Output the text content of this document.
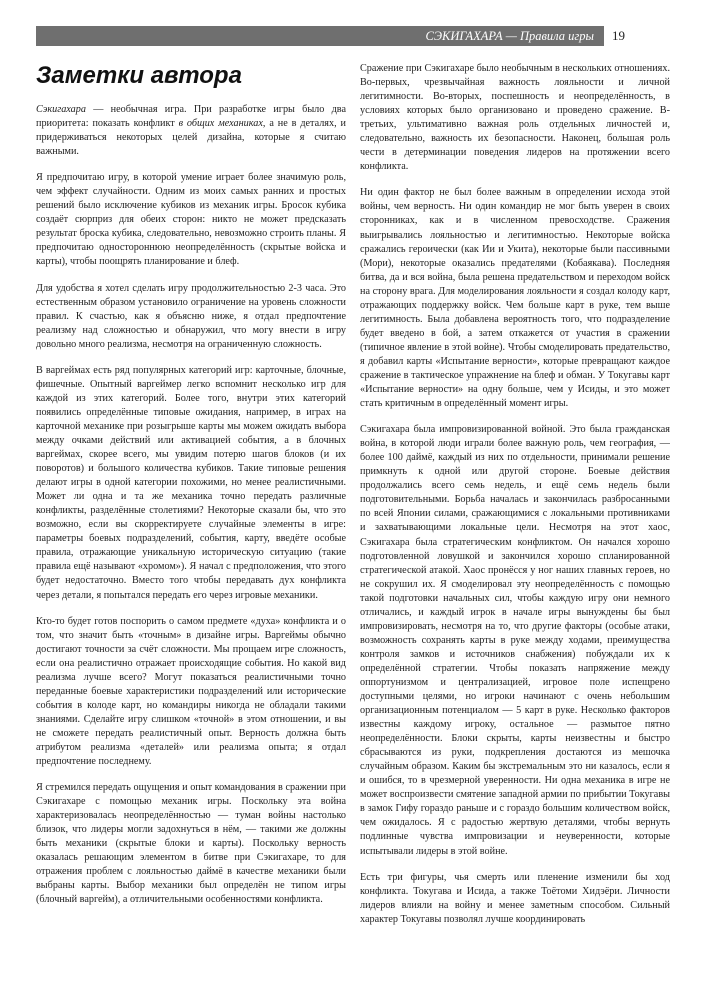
СЭКИГАХАРА — Правила игры	19
Заметки автора

Сэкигахара — необычная игра. При разработке игры было два приоритета: показать конфликт в общих механиках, а не в деталях, и придерживаться некоторых целей дизайна, которые я считаю важными.

Я предпочитаю игру, в которой умение играет более значимую роль, чем эффект случайности. Одним из моих самых ранних и простых решений было исключение кубиков из механик игры. Бросок кубика создаёт сюрприз для обеих сторон: никто не может предсказать результат броска кубика, следовательно, невозможно строить планы. Я предпочитаю одностороннюю неопределённость (скрытые войска и карты), чтобы поощрять планирование и блеф.

Для удобства я хотел сделать игру продолжительностью 2-3 часа. Это естественным образом установило ограничение на уровень сложности правил. К счастью, как я объясню ниже, я отдал предпочтение реализму над сложностью и обнаружил, что могу внести в игру довольно много реализма, несмотря на ограниченную сложность.

В варгеймах есть ряд популярных категорий игр: карточные, блочные, фишечные. Опытный варгеймер легко вспомнит несколько игр для каждой из этих категорий. Более того, внутри этих категорий появились определённые типовые ожидания, например, в играх на карточной механике при розыгрыше карты мы можем ожидать выбора между очками действий или активацией события, а в блочных варгеймах, скорее всего, мы увидим потерю шагов блоков (и их поворотов) и большого количества кубиков. Такие типовые решения делают игры в одной категории похожими, но менее реалистичными. Может ли одна и та же механика точно передать различные конфликты, разделённые столетиями? Некоторые сказали бы, что это возможно, если вы скорректируете случайные элементы в игре: параметры боевых подразделений, события, карту, введёте особые правила, отражающие уникальную историческую ситуацию (такие правила ещё называют «хромом»). Я начал с предположения, что этого будет недостаточно. Вместо того чтобы передавать дух конфликта через детали, я попытался передать его через игровые механики.

Кто-то будет готов поспорить о самом предмете «духа» конфликта и о том, что значит быть «точным» в дизайне игры. Варгеймы обычно достигают точности за счёт сложности. Мы прощаем игре сложность, если она реалистично отражает происходящие события. Но какой вид реализма лучше всего? Могут показаться реалистичными точно переданные боевые характеристики подразделений или исторические события в колоде карт, но командиры никогда не обладали такими знаниями. Сделайте игру слишком «точной» в этом отношении, и вы не сможете передать реалистичный опыт. Верность должна быть атрибутом реализма «деталей» или реализма опыта; я отдал предпочтение последнему.

Я стремился передать ощущения и опыт командования в сражении при Сэкигахаре с помощью механик игры. Поскольку эта война характеризовалась неопределённостью — туман войны настолько близок, что лидеры могли задохнуться в нём, — такими же должны быть механики (скрытые блоки и карты). Поскольку верность оказалась решающим элементом в битве при Сэкигахаре, то для отражения проблем с лояльностью даймё в качестве механики были выбраны карты. Выбор механики был определён не типом игры (блочный варгейм), а отличительными особенностями конфликта.

Сражение при Сэкигахаре было необычным в нескольких отношениях. Во-первых, чрезвычайная важность лояльности и личной легитимности. Во-вторых, поспешность и неопределённость, в условиях которых было организовано и проведено сражение. В-третьих, ультимативно важная роль отдельных личностей и, следовательно, важность их безопасности. Наконец, большая роль чести в детерминации поведения лидеров на протяжении всего конфликта.

Ни один фактор не был более важным в определении исхода этой войны, чем верность. Ни один командир не мог быть уверен в своих сторонниках, как и в численном превосходстве. Сражения выигрывались лояльностью и легитимностью. Некоторые войска сражались героически (как Ии и Укита), некоторые были пассивными (Мори), некоторые оказались предателями (Кобаякава). Последняя битва, да и вся война, была решена предательством и переходом войск на сторону врага. Для моделирования лояльности я создал колоду карт, отражающих поддержку войск. Чем больше карт в руке, тем выше легитимность. Была добавлена вероятность того, что подразделение будет введено в бой, а затем откажется от участия в сражении (типичное явление в этой войне). Чтобы смоделировать предательство, я добавил карты «Испытание верности», которые превращают каждое сражение в тактическое упражнение на блеф и обман. У Токугавы карт «Испытание верности» на одну больше, чем у Исиды, и это может стать критичным в определённый момент игры.

Сэкигахара была импровизированной войной. Это была гражданская война, в которой люди играли более важную роль, чем география, — более 100 даймё, каждый из них по отдельности, принимали решение примкнуть к одной или другой стороне. Боевые действия продолжались всего семь недель, и ещё семь недель были подготовительными. Борьба началась и закончилась разбросанными по всей Японии силами, сражающимися с локальными противниками и захватывающими локальные цели. Несмотря на этот хаос, Сэкигахара была стратегическим конфликтом. Он начался хорошо подготовленной ловушкой и закончился хорошо спланированной стратегической атакой. Хаос пронёсся у ног наших главных героев, но не сокрушил их. Я смоделировал эту неопределённость с помощью такой подготовки начальных сил, чтобы каждую игру они немного отличались, и каждый игрок в начале игры вынуждены бы был импровизировать, несмотря на то, что другие факторы (особые атаки, возможность сохранять карты в руке между ходами, преимущества контроля замков и источников снабжения) побуждали их к определённой стратегии. Чтобы показать напряжение между оппортунизмом и централизацией, игровое поле испещрено доступными целями, но игроки начинают с очень небольшим организационным потенциалом — 5 карт в руке. Несколько факторов известны каждому игроку, остальное — размытое пятно неопределённости. Блоки скрыты, карты неизвестны и быстро сбрасываются из руки, подкрепления достаются из мешочка случайным образом. Каким бы экстремальным это ни казалось, если я и ошибся, то в чрезмерной уверенности. Ни одна механика в игре не может воспроизвести смятение западной армии по прибытии Токугавы в замок Гифу гораздо раньше и с гораздо большим количеством войск, чем ожидалось. Я с радостью жертвую деталями, чтобы вернуть подлинные чувства импровизации и неуверенности, которые испытывали лидеры в этой войне.

Есть три фигуры, чья смерть или пленение изменили бы ход конфликта. Токугава и Исида, а также Тоётоми Хидэёри. Личности лидеров влияли на войну и менее заметным способом. Сильный характер Токугавы позволял лучше координировать
